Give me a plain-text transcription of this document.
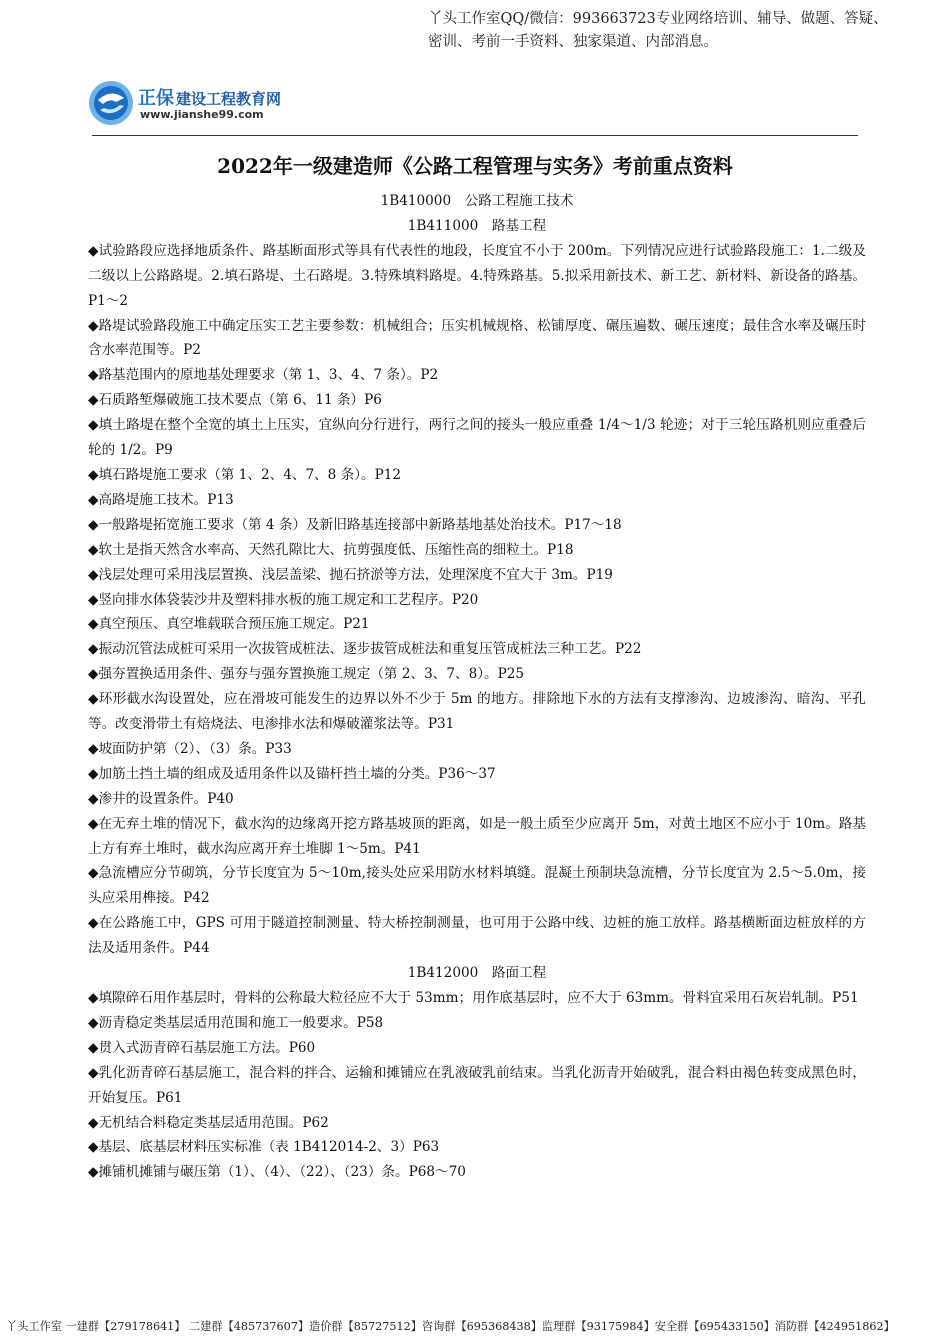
丫头工作室QQ/微信：993663723专业网络培训、辅导、做题、答疑、密训、考前一手资料、独家渠道、内部消息。
正保 建设工程教育网
www.jianshe99.com
2022年一级建造师《公路工程管理与实务》考前重点资料
1B410000　公路工程施工技术
1B411000　路基工程
◆试验路段应选择地质条件、路基断面形式等具有代表性的地段，长度宜不小于 200m。下列情况应进行试验路段施工：1.二级及二级以上公路路堤。2.填石路堤、土石路堤。3.特殊填料路堤。4.特殊路基。5.拟采用新技术、新工艺、新材料、新设备的路基。P1～2
◆路堤试验路段施工中确定压实工艺主要参数：机械组合；压实机械规格、松铺厚度、碾压遍数、碾压速度；最佳含水率及碾压时含水率范围等。P2
◆路基范围内的原地基处理要求（第 1、3、4、7 条）。P2
◆石质路堑爆破施工技术要点（第 6、11 条）P6
◆填土路堤在整个全宽的填土上压实，宜纵向分行进行，两行之间的接头一般应重叠 1/4～1/3 轮迹；对于三轮压路机则应重叠后轮的 1/2。P9
◆填石路堤施工要求（第 1、2、4、7、8 条）。P12
◆高路堤施工技术。P13
◆一般路堤拓宽施工要求（第 4 条）及新旧路基连接部中新路基地基处治技术。P17～18
◆软土是指天然含水率高、天然孔隙比大、抗剪强度低、压缩性高的细粒土。P18
◆浅层处理可采用浅层置换、浅层盖梁、抛石挤淤等方法，处理深度不宜大于 3m。P19
◆竖向排水体袋装沙井及塑料排水板的施工规定和工艺程序。P20
◆真空预压、真空堆载联合预压施工规定。P21
◆振动沉管法成桩可采用一次拔管成桩法、逐步拔管成桩法和重复压管成桩法三种工艺。P22
◆强夯置换适用条件、强夯与强夯置换施工规定（第 2、3、7、8）。P25
◆环形截水沟设置处，应在滑坡可能发生的边界以外不少于 5m 的地方。排除地下水的方法有支撑渗沟、边坡渗沟、暗沟、平孔等。改变滑带土有焙烧法、电渗排水法和爆破灌浆法等。P31
◆坡面防护第（2）、（3）条。P33
◆加筋土挡土墙的组成及适用条件以及锚杆挡土墙的分类。P36～37
◆渗井的设置条件。P40
◆在无弃土堆的情况下，截水沟的边缘离开挖方路基坡顶的距离，如是一般土质至少应离开 5m，对黄土地区不应小于 10m。路基上方有弃土堆时，截水沟应离开弃土堆脚 1～5m。P41
◆急流槽应分节砌筑，分节长度宜为 5～10m,接头处应采用防水材料填缝。混凝土预制块急流槽，分节长度宜为 2.5～5.0m，接头应采用榫接。P42
◆在公路施工中，GPS 可用于隧道控制测量、特大桥控制测量，也可用于公路中线、边桩的施工放样。路基横断面边桩放样的方法及适用条件。P44
1B412000　路面工程
◆填隙碎石用作基层时，骨料的公称最大粒径应不大于 53mm；用作底基层时，应不大于 63mm。骨料宜采用石灰岩轧制。P51
◆沥青稳定类基层适用范围和施工一般要求。P58
◆贯入式沥青碎石基层施工方法。P60
◆乳化沥青碎石基层施工，混合料的拌合、运输和摊铺应在乳液破乳前结束。当乳化沥青开始破乳，混合料由褐色转变成黑色时，开始复压。P61
◆无机结合料稳定类基层适用范围。P62
◆基层、底基层材料压实标准（表 1B412014-2、3）P63
◆摊铺机摊铺与碾压第（1）、（4）、（22）、（23）条。P68～70
丫头工作室 一建群【279178641】 二建群【485737607】造价群【85727512】咨询群【695368438】监理群【93175984】安全群【695433150】消防群【424951862】
